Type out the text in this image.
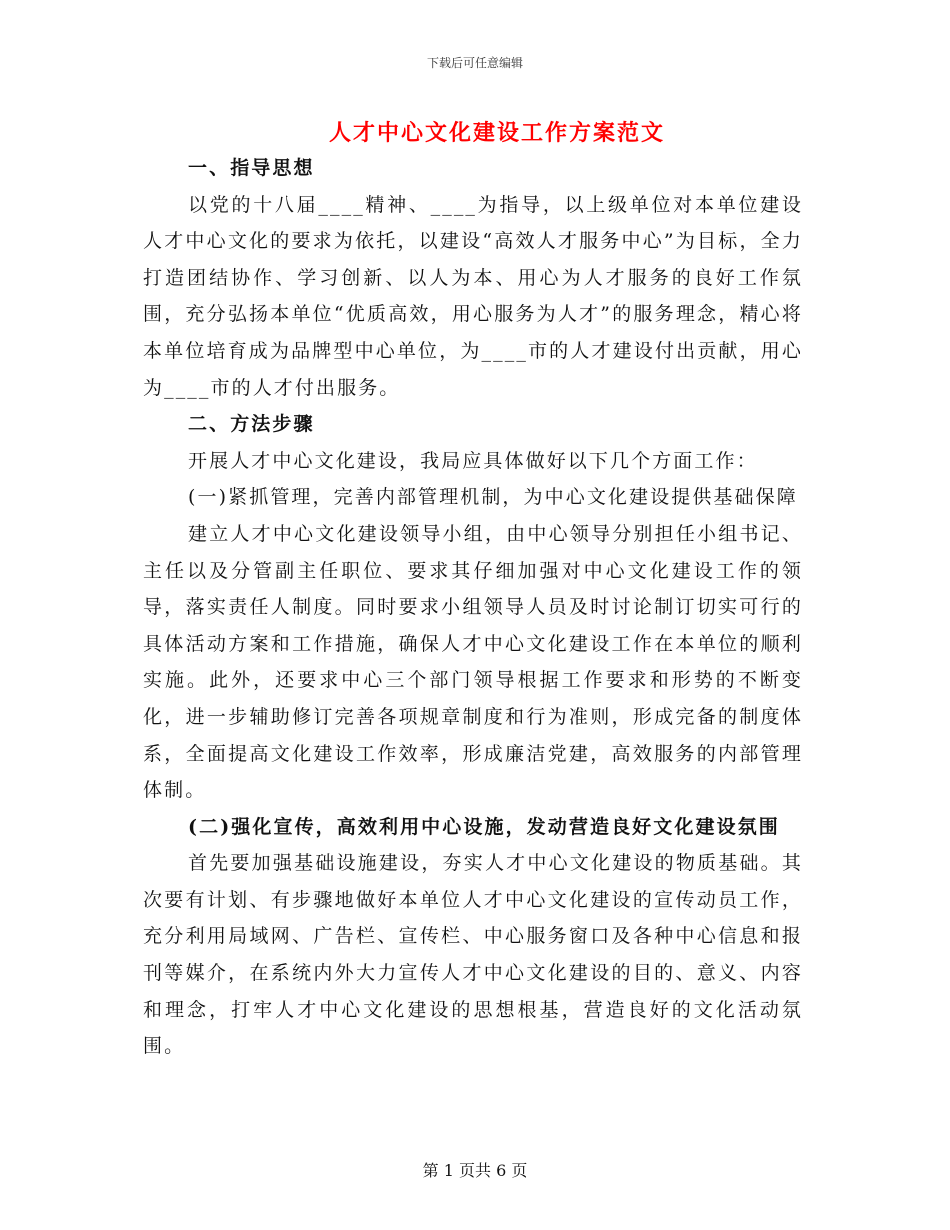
下载后可任意编辑
人才中心文化建设工作方案范文

一、指导思想

以党的十八届____精神、____为指导，以上级单位对本单位建设人才中心文化的要求为依托，以建设“高效人才服务中心”为目标，全力打造团结协作、学习创新、以人为本、用心为人才服务的良好工作氛围，充分弘扬本单位“优质高效，用心服务为人才”的服务理念，精心将本单位培育成为品牌型中心单位，为____市的人才建设付出贡献，用心为____市的人才付出服务。

二、方法步骤

开展人才中心文化建设，我局应具体做好以下几个方面工作：

(一)紧抓管理，完善内部管理机制，为中心文化建设提供基础保障

建立人才中心文化建设领导小组，由中心领导分别担任小组书记、主任以及分管副主任职位、要求其仔细加强对中心文化建设工作的领导，落实责任人制度。同时要求小组领导人员及时讨论制订切实可行的具体活动方案和工作措施，确保人才中心文化建设工作在本单位的顺利实施。此外，还要求中心三个部门领导根据工作要求和形势的不断变化，进一步辅助修订完善各项规章制度和行为准则，形成完备的制度体系，全面提高文化建设工作效率，形成廉洁党建，高效服务的内部管理体制。

(二)强化宣传，高效利用中心设施，发动营造良好文化建设氛围

首先要加强基础设施建设，夯实人才中心文化建设的物质基础。其次要有计划、有步骤地做好本单位人才中心文化建设的宣传动员工作，充分利用局域网、广告栏、宣传栏、中心服务窗口及各种中心信息和报刊等媒介，在系统内外大力宣传人才中心文化建设的目的、意义、内容和理念，打牢人才中心文化建设的思想根基，营造良好的文化活动氛围。

第 1 页共 6 页
